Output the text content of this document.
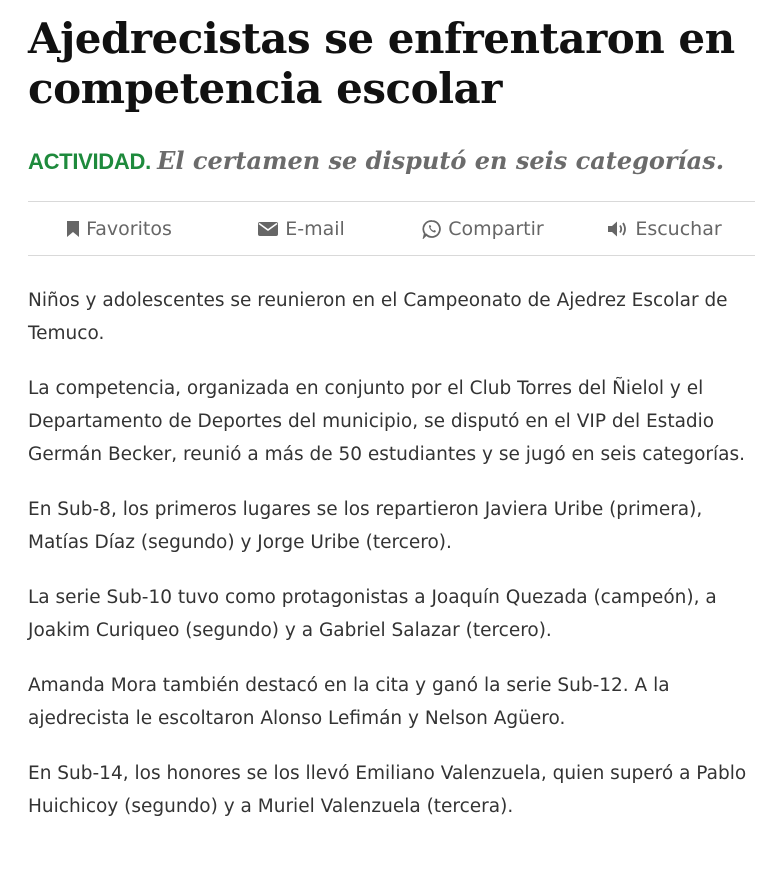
Ajedrecistas se enfrentaron en
competencia escolar
ACTIVIDAD. El certamen se disputó en seis categorías.
Favoritos	E-mail	Compartir	Escuchar

Niños y adolescentes se reunieron en el Campeonato de Ajedrez Escolar de Temuco.

La competencia, organizada en conjunto por el Club Torres del Ñielol y el Departamento de Deportes del municipio, se disputó en el VIP del Estadio Germán Becker, reunió a más de 50 estudiantes y se jugó en seis categorías.

En Sub-8, los primeros lugares se los repartieron Javiera Uribe (primera), Matías Díaz (segundo) y Jorge Uribe (tercero).

La serie Sub-10 tuvo como protagonistas a Joaquín Quezada (campeón), a Joakim Curiqueo (segundo) y a Gabriel Salazar (tercero).

Amanda Mora también destacó en la cita y ganó la serie Sub-12. A la ajedrecista le escoltaron Alonso Lefimán y Nelson Agüero.

En Sub-14, los honores se los llevó Emiliano Valenzuela, quien superó a Pablo Huichicoy (segundo) y a Muriel Valenzuela (tercera).
